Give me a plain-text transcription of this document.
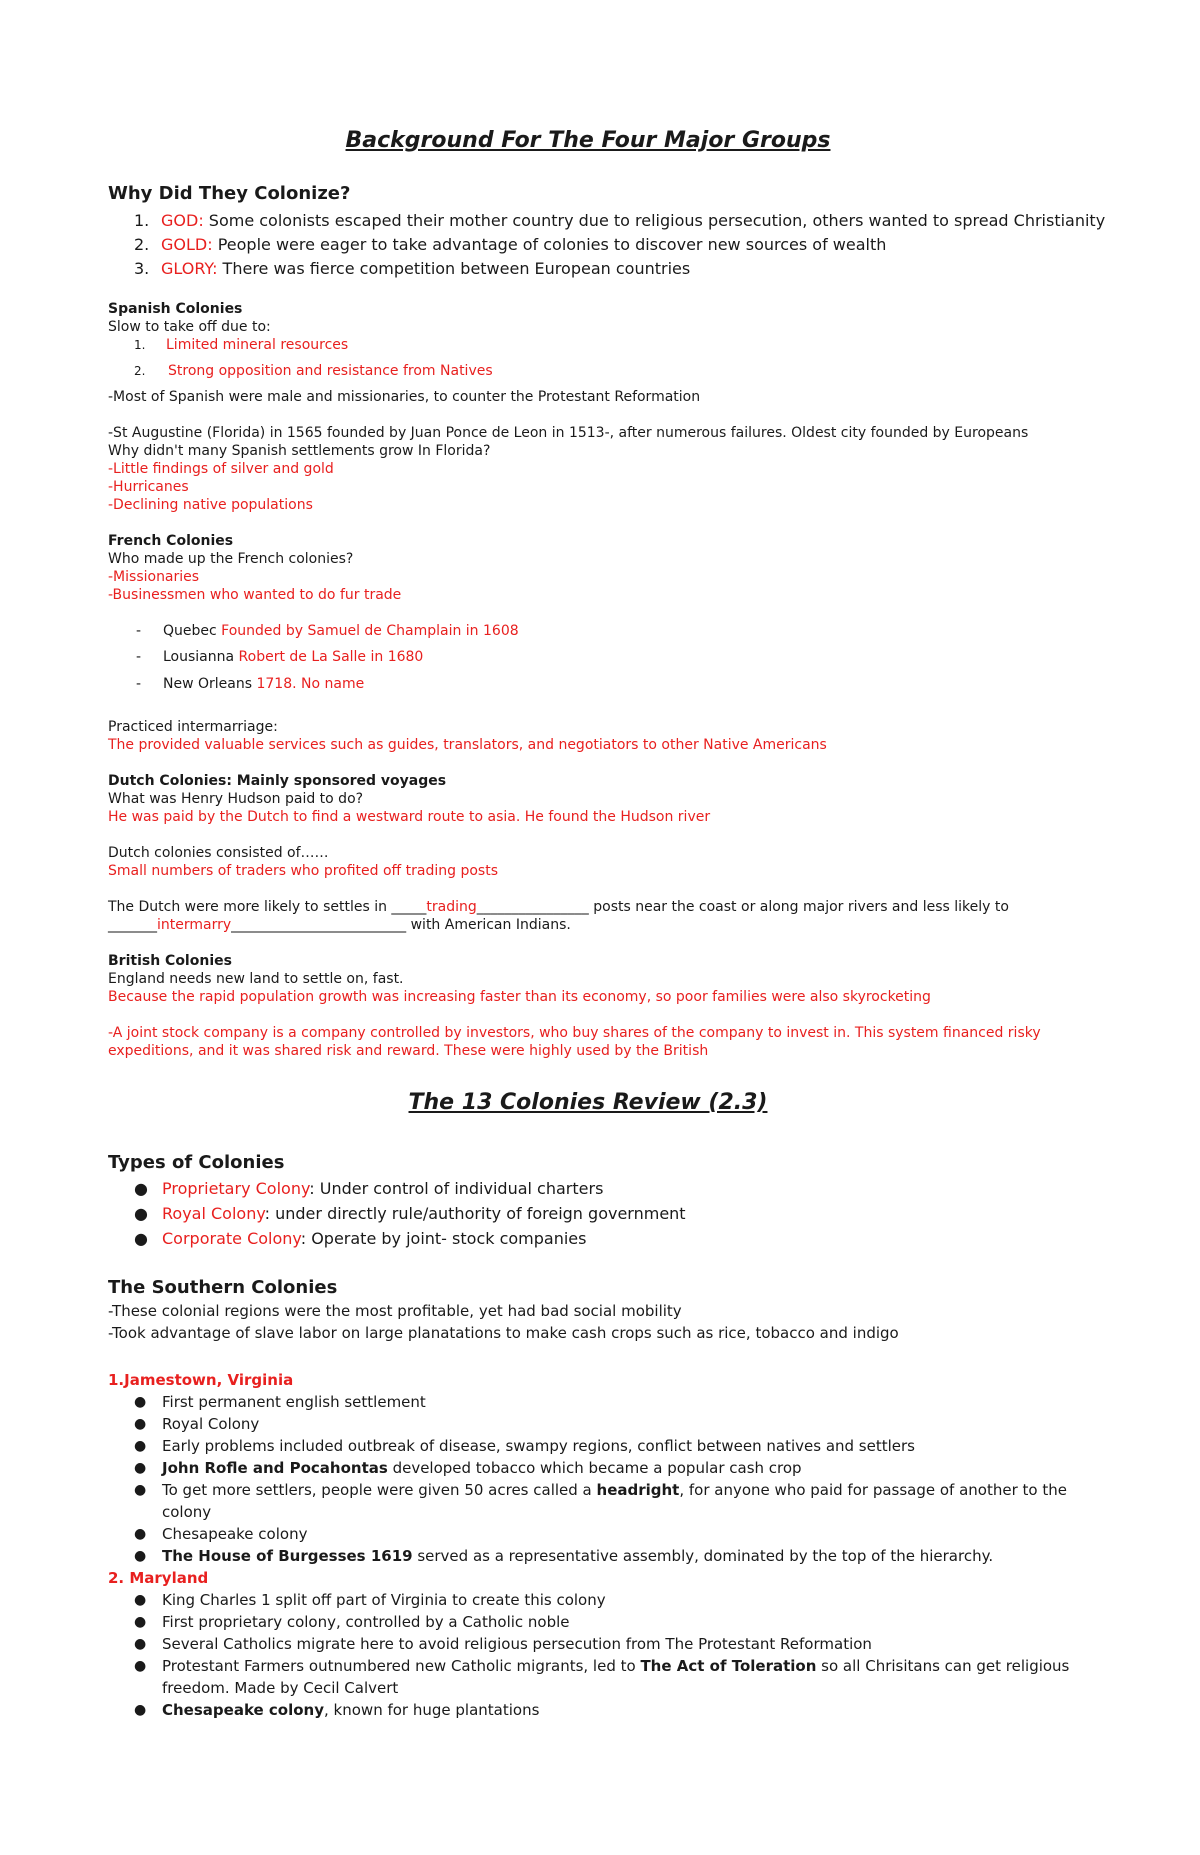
Background For The Four Major Groups
Why Did They Colonize?
1. GOD: Some colonists escaped their mother country due to religious persecution, others wanted to spread Christianity
2. GOLD: People were eager to take advantage of colonies to discover new sources of wealth
3. GLORY: There was fierce competition between European countries
Spanish Colonies
Slow to take off due to:
1. Limited mineral resources
2. Strong opposition and resistance from Natives
-Most of Spanish were male and missionaries, to counter the Protestant Reformation
-St Augustine (Florida) in 1565 founded by Juan Ponce de Leon in 1513-, after numerous failures. Oldest city founded by Europeans
Why didn't many Spanish settlements grow In Florida?
-Little findings of silver and gold
-Hurricanes
-Declining native populations
French Colonies
Who made up the French colonies?
-Missionaries
-Businessmen who wanted to do fur trade
- Quebec Founded by Samuel de Champlain in 1608
- Lousianna Robert de La Salle in 1680
- New Orleans 1718. No name
Practiced intermarriage:
The provided valuable services such as guides, translators, and negotiators to other Native Americans
Dutch Colonies: Mainly sponsored voyages
What was Henry Hudson paid to do?
He was paid by the Dutch to find a westward route to asia. He found the Hudson river
Dutch colonies consisted of……
Small numbers of traders who profited off trading posts
The Dutch were more likely to settles in _____trading________________ posts near the coast or along major rivers and less likely to
_______intermarry_________________________ with American Indians.
British Colonies
England needs new land to settle on, fast.
Because the rapid population growth was increasing faster than its economy, so poor families were also skyrocketing
-A joint stock company is a company controlled by investors, who buy shares of the company to invest in. This system financed risky expeditions, and it was shared risk and reward. These were highly used by the British
The 13 Colonies Review (2.3)
Types of Colonies
● Proprietary Colony: Under control of individual charters
● Royal Colony: under directly rule/authority of foreign government
● Corporate Colony: Operate by joint- stock companies
The Southern Colonies
-These colonial regions were the most profitable, yet had bad social mobility
-Took advantage of slave labor on large planatations to make cash crops such as rice, tobacco and indigo
1.Jamestown, Virginia
● First permanent english settlement
● Royal Colony
● Early problems included outbreak of disease, swampy regions, conflict between natives and settlers
● John Rofle and Pocahontas developed tobacco which became a popular cash crop
● To get more settlers, people were given 50 acres called a headright, for anyone who paid for passage of another to the
colony
● Chesapeake colony
● The House of Burgesses 1619 served as a representative assembly, dominated by the top of the hierarchy.
2. Maryland
● King Charles 1 split off part of Virginia to create this colony
● First proprietary colony, controlled by a Catholic noble
● Several Catholics migrate here to avoid religious persecution from The Protestant Reformation
● Protestant Farmers outnumbered new Catholic migrants, led to The Act of Toleration so all Chrisitans can get religious
freedom. Made by Cecil Calvert
● Chesapeake colony, known for huge plantations
